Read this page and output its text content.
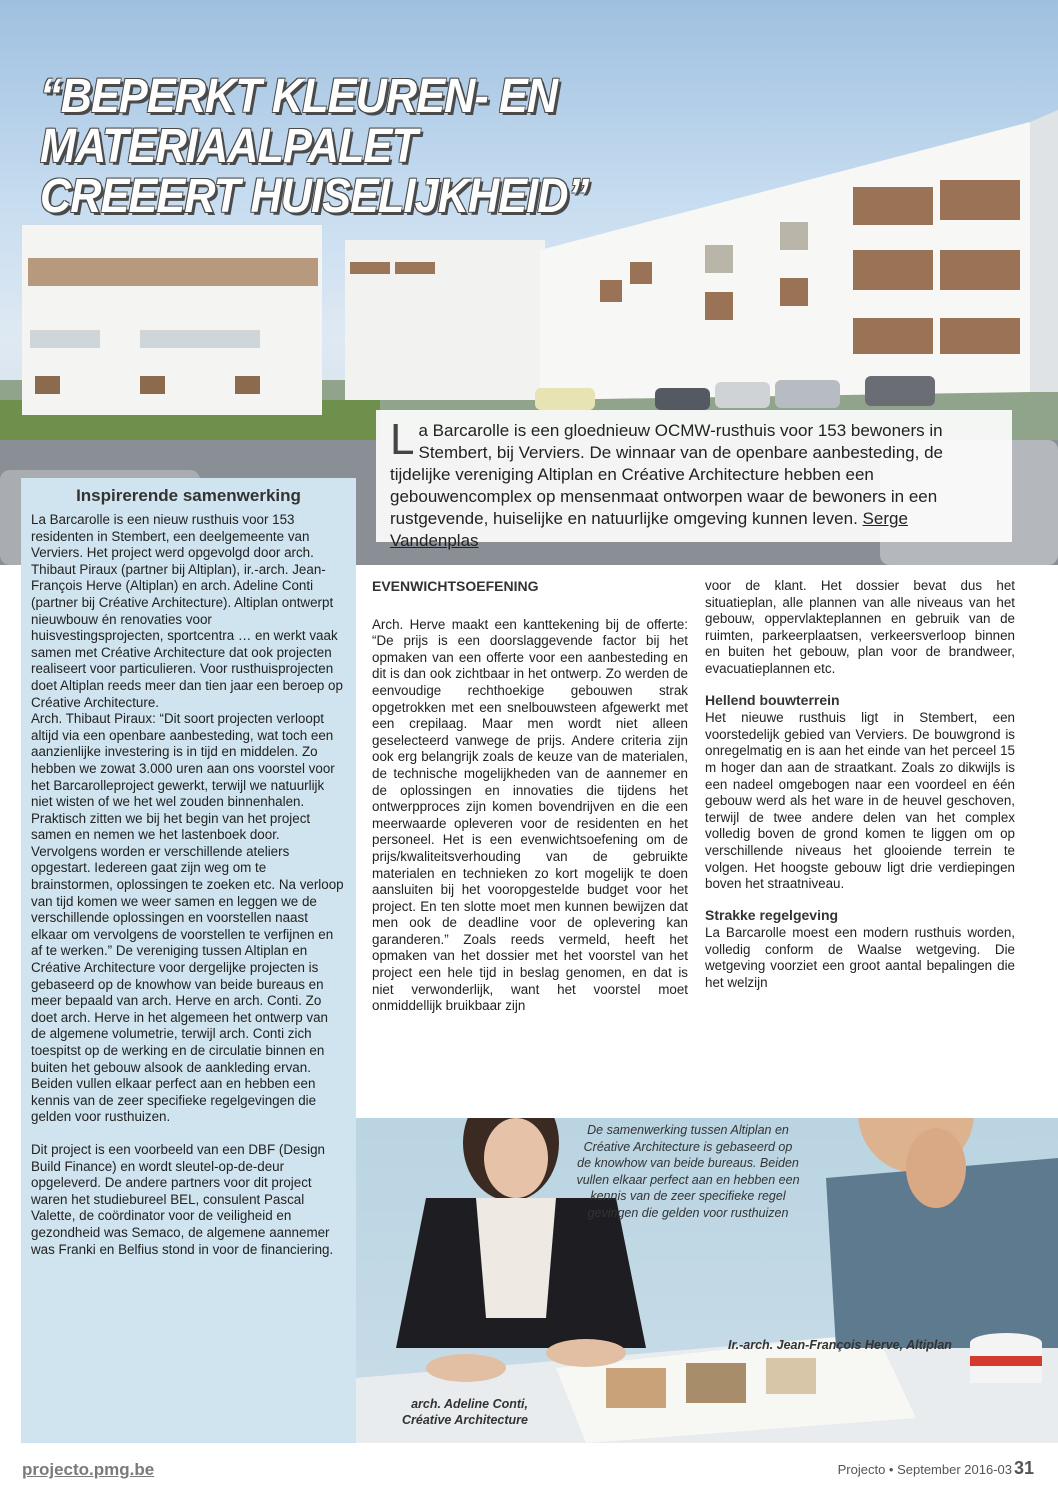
“BEPERKT KLEUREN- EN MATERIAALPALET
CREEERT HUISELIJKHEID”

La Barcarolle is een gloednieuw OCMW-rusthuis voor 153 bewoners in Stembert, bij Verviers. De winnaar van de openbare aanbesteding, de tijdelijke vereniging Altiplan en Créative Architecture hebben een gebouwencomplex op mensenmaat ontworpen waar de bewoners in een rustgevende, huiselijke en natuurlijke omgeving kunnen leven. Serge Vandenplas

Inspirerende samenwerking

La Barcarolle is een nieuw rusthuis voor 153 residenten in Stembert, een deelgemeente van Verviers. Het project werd opgevolgd door arch. Thibaut Piraux (partner bij Altiplan), ir.-arch. Jean-François Herve (Altiplan) en arch. Adeline Conti (partner bij Créative Architecture). Altiplan ontwerpt nieuwbouw én renovaties voor huisvestingsprojecten, sportcentra … en werkt vaak samen met Créative Architecture dat ook projecten realiseert voor particulieren. Voor rusthuisprojecten doet Altiplan reeds meer dan tien jaar een beroep op Créative Architecture.

Arch. Thibaut Piraux: “Dit soort projecten verloopt altijd via een openbare aanbesteding, wat toch een aanzienlijke investering is in tijd en middelen. Zo hebben we zowat 3.000 uren aan ons voorstel voor het Barcarolleproject gewerkt, terwijl we natuurlijk niet wisten of we het wel zouden binnenhalen. Praktisch zitten we bij het begin van het project samen en nemen we het lastenboek door. Vervolgens worden er verschillende ateliers opgestart. Iedereen gaat zijn weg om te brainstormen, oplossingen te zoeken etc. Na verloop van tijd komen we weer samen en leggen we de verschillende oplossingen en voorstellen naast elkaar om vervolgens de voorstellen te verfijnen en af te werken.” De vereniging tussen Altiplan en Créative Architecture voor dergelijke projecten is gebaseerd op de knowhow van beide bureaus en meer bepaald van arch. Herve en arch. Conti. Zo doet arch. Herve in het algemeen het ontwerp van de algemene volumetrie, terwijl arch. Conti zich toespitst op de werking en de circulatie binnen en buiten het gebouw alsook de aankleding ervan. Beiden vullen elkaar perfect aan en hebben een kennis van de zeer specifieke regelgevingen die gelden voor rusthuizen.

Dit project is een voorbeeld van een DBF (Design Build Finance) en wordt sleutel-op-de-deur opgeleverd. De andere partners voor dit project waren het studiebureel BEL, consulent Pascal Valette, de coördinator voor de veiligheid en gezondheid was Semaco, de algemene aannemer was Franki en Belfius stond in voor de financiering.

EVENWICHTSOEFENING

Arch. Herve maakt een kanttekening bij de offerte: “De prijs is een doorslaggevende factor bij het opmaken van een offerte voor een aanbesteding en dit is dan ook zichtbaar in het ontwerp. Zo werden de eenvoudige rechthoekige gebouwen strak opgetrokken met een snelbouwsteen afgewerkt met een crepilaag. Maar men wordt niet alleen geselecteerd vanwege de prijs. Andere criteria zijn ook erg belangrijk zoals de keuze van de materialen, de technische mogelijkheden van de aannemer en de oplossingen en innovaties die tijdens het ontwerpproces zijn komen bovendrijven en die een meerwaarde opleveren voor de residenten en het personeel. Het is een evenwichtsoefening om de prijs/kwaliteitsverhouding van de gebruikte materialen en technieken zo kort mogelijk te doen aansluiten bij het vooropgestelde budget voor het project. En ten slotte moet men kunnen bewijzen dat men ook de deadline voor de oplevering kan garanderen.” Zoals reeds vermeld, heeft het opmaken van het dossier met het voorstel van het project een hele tijd in beslag genomen, en dat is niet verwonderlijk, want het voorstel moet onmiddellijk bruikbaar zijn

voor de klant. Het dossier bevat dus het situatieplan, alle plannen van alle niveaus van het gebouw, oppervlakteplannen en gebruik van de ruimten, parkeerplaatsen, verkeersverloop binnen en buiten het gebouw, plan voor de brandweer, evacuatieplannen etc.

Hellend bouwterrein

Het nieuwe rusthuis ligt in Stembert, een voorstedelijk gebied van Verviers. De bouwgrond is onregelmatig en is aan het einde van het perceel 15 m hoger dan aan de straatkant. Zoals zo dikwijls is een nadeel omgebogen naar een voordeel en één gebouw werd als het ware in de heuvel geschoven, terwijl de twee andere delen van het complex volledig boven de grond komen te liggen om op verschillende niveaus het glooiende terrein te volgen. Het hoogste gebouw ligt drie verdiepingen boven het straatniveau.

Strakke regelgeving

La Barcarolle moest een modern rusthuis worden, volledig conform de Waalse wetgeving. Die wetgeving voorziet een groot aantal bepalingen die het welzijn

De samenwerking tussen Altiplan en Créative Architecture is gebaseerd op de knowhow van beide bureaus. Beiden vullen elkaar perfect aan en hebben een kennis van de zeer specifieke regel gevingen die gelden voor rusthuizen
Ir.-arch. Jean-François Herve, Altiplan
arch. Adeline Conti,
Créative Architecture
projecto.pmg.be	Projecto • September 2016-03 31
